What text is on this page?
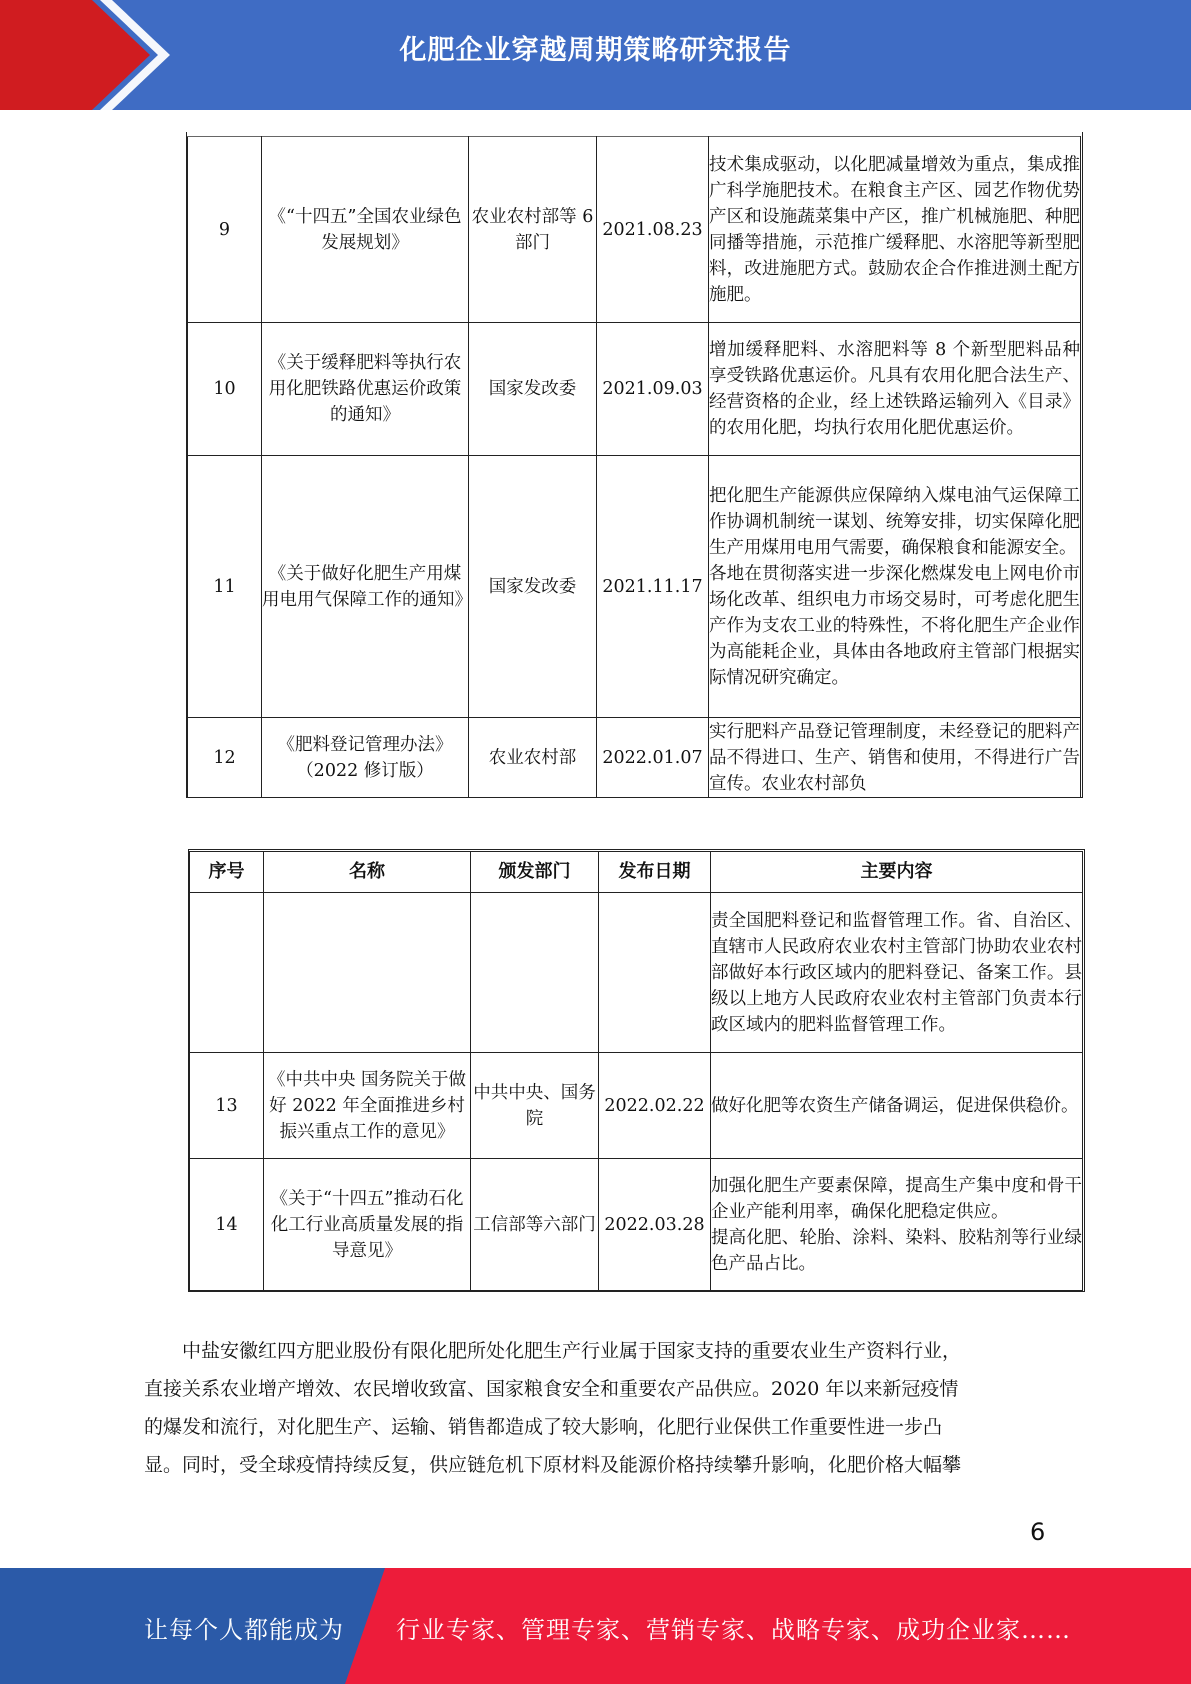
化肥企业穿越周期策略研究报告
9	《“十四五”全国农业绿色发展规划》	农业农村部等 6 部门	2021.08.23	技术集成驱动，以化肥减量增效为重点，集成推广科学施肥技术。在粮食主产区、园艺作物优势产区和设施蔬菜集中产区，推广机械施肥、种肥同播等措施，示范推广缓释肥、水溶肥等新型肥料，改进施肥方式。鼓励农企合作推进测土配方施肥。
10	《关于缓释肥料等执行农用化肥铁路优惠运价政策的通知》	国家发改委	2021.09.03	增加缓释肥料、水溶肥料等 8 个新型肥料品种享受铁路优惠运价。凡具有农用化肥合法生产、经营资格的企业，经上述铁路运输列入《目录》的农用化肥，均执行农用化肥优惠运价。
11	《关于做好化肥生产用煤用电用气保障工作的通知》	国家发改委	2021.11.17	把化肥生产能源供应保障纳入煤电油气运保障工作协调机制统一谋划、统筹安排，切实保障化肥生产用煤用电用气需要，确保粮食和能源安全。
各地在贯彻落实进一步深化燃煤发电上网电价市场化改革、组织电力市场交易时，可考虑化肥生产作为支农工业的特殊性，不将化肥生产企业作为高能耗企业，具体由各地政府主管部门根据实际情况研究确定。

12	《肥料登记管理办法》（2022 修订版）	农业农村部	2022.01.07	实行肥料产品登记管理制度，未经登记的肥料产品不得进口、生产、销售和使用，不得进行广告宣传。农业农村部负
序号	名称	颁发部门	发布日期	主要内容
				责全国肥料登记和监督管理工作。省、自治区、直辖市人民政府农业农村主管部门协助农业农村部做好本行政区域内的肥料登记、备案工作。县级以上地方人民政府农业农村主管部门负责本行政区域内的肥料监督管理工作。
13	《中共中央 国务院关于做好 2022 年全面推进乡村振兴重点工作的意见》	中共中央、国务院	2022.02.22	做好化肥等农资生产储备调运，促进保供稳价。
14	《关于“十四五”推动石化化工行业高质量发展的指导意见》	工信部等六部门	2022.03.28	加强化肥生产要素保障，提高生产集中度和骨干企业产能利用率，确保化肥稳定供应。
提高化肥、轮胎、涂料、染料、胶粘剂等行业绿色产品占比。
中盐安徽红四方肥业股份有限化肥所处化肥生产行业属于国家支持的重要农业生产资料行业，
直接关系农业增产增效、农民增收致富、国家粮食安全和重要农产品供应。2020 年以来新冠疫情
的爆发和流行，对化肥生产、运输、销售都造成了较大影响，化肥行业保供工作重要性进一步凸
显。同时，受全球疫情持续反复，供应链危机下原材料及能源价格持续攀升影响，化肥价格大幅攀
6
让每个人都能成为 行业专家、管理专家、营销专家、战略专家、成功企业家……
